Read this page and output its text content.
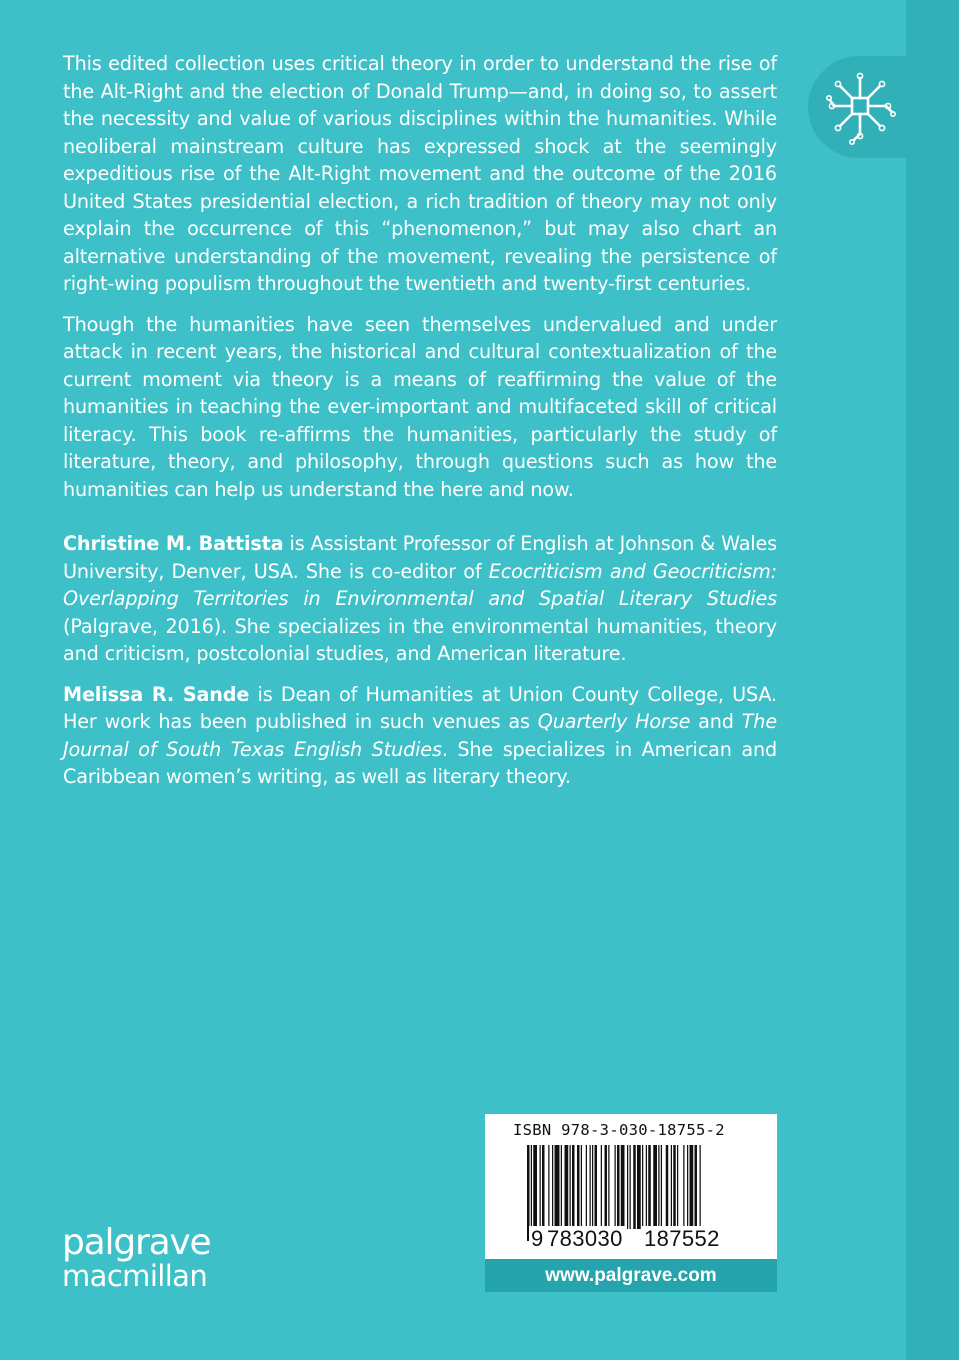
This edited collection uses critical theory in order to understand the rise of the Alt-Right and the election of Donald Trump—and, in doing so, to assert the necessity and value of various disciplines within the humanities. While neoliberal mainstream culture has expressed shock at the seemingly expeditious rise of the Alt-Right movement and the outcome of the 2016 United States presidential election, a rich tradition of theory may not only explain the occurrence of this “phenomenon,” but may also chart an alternative understanding of the movement, revealing the persistence of right-wing populism throughout the twentieth and twenty-first centuries.

Though the humanities have seen themselves undervalued and under attack in recent years, the historical and cultural contextualization of the current moment via theory is a means of reaffirming the value of the humanities in teaching the ever-important and multifaceted skill of critical literacy. This book re-affirms the humanities, particularly the study of literature, theory, and philosophy, through questions such as how the humanities can help us understand the here and now.

Christine M. Battista is Assistant Professor of English at Johnson & Wales University, Denver, USA. She is co-editor of Ecocriticism and Geocriticism: Overlapping Territories in Environmental and Spatial Literary Studies (Palgrave, 2016). She specializes in the environmental humanities, theory and criticism, postcolonial studies, and American literature.

Melissa R. Sande is Dean of Humanities at Union County College, USA. Her work has been published in such venues as Quarterly Horse and The Journal of South Texas English Studies. She specializes in American and Caribbean women’s writing, as well as literary theory.

palgrave
macmillan
ISBN 978-3-030-18755-2
9 783030 187552
www.palgrave.com
